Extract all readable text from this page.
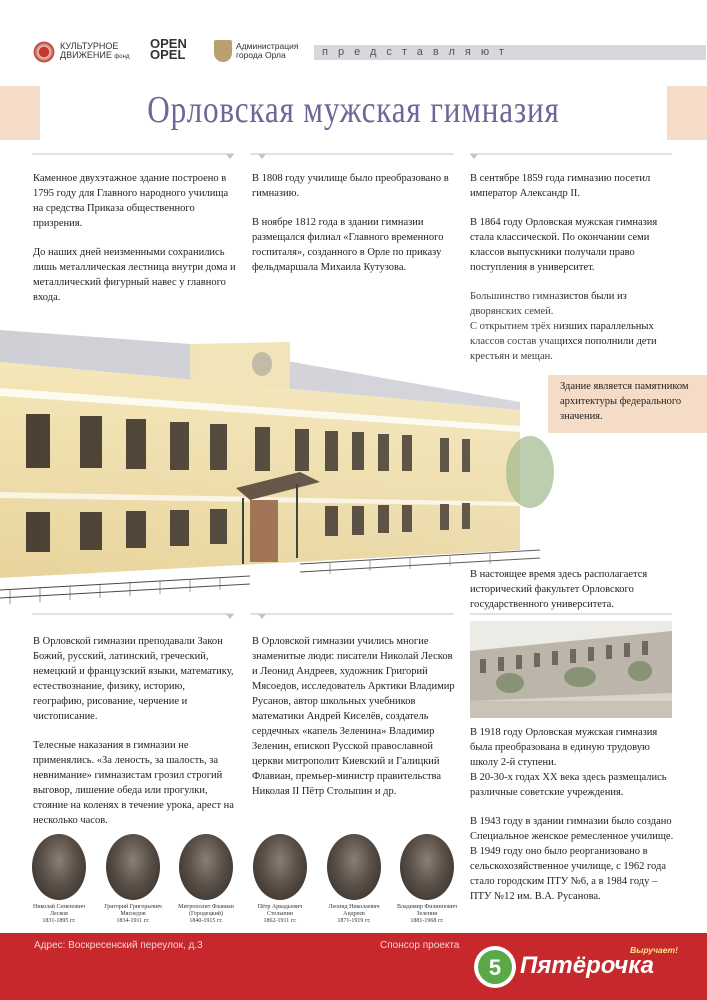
КУЛЬТУРНОЕ
ДВИЖЕНИЕ фонд
OPEN
OPEL
Администрация
города Орла	представляют
Орловская мужская гимназия

Каменное двухэтажное здание построено в 1795 году для Главного народного училища на средства Приказа общественного призрения.

До наших дней неизменными сохранились лишь металлическая лестница внутри дома и металлический фигурный навес у главного входа.

В 1808 году училище было преобразовано в гимназию.

В ноябре 1812 года в здании гимназии размещался филиал «Главного временного госпиталя», созданного в Орле по приказу фельдмаршала Михаила Кутузова.

В сентябре 1859 года гимназию посетил император Александр II.

В 1864 году Орловская мужская гимназия стала классической. По окончании семи классов выпускники получали право поступления в университет.

Большинство гимназистов были из дворянских семей.

С открытием трёх низших параллельных классов состав учащихся пополнили дети крестьян и мещан.

Здание является памятником архитектуры федерального значения.
В настоящее время здесь располагается исторический факультет Орловского государственного университета.

В Орловской гимназии преподавали Закон Божий, русский, латинский, греческий, немецкий и французский языки, математику, естествознание, физику, историю, географию, рисование, черчение и чистописание.

Телесные наказания в гимназии не применялись. «За леность, за шалость, за невнимание» гимназистам грозил строгий выговор, лишение обеда или прогулки, стояние на коленях в течение урока, арест на несколько часов.

В Орловской гимназии учились многие знаменитые люди: писатели Николай Лесков и Леонид Андреев, художник Григорий Мясоедов, исследователь Арктики Владимир Русанов, автор школьных учебников математики Андрей Киселёв, создатель сердечных «капель Зеленина» Владимир Зеленин, епископ Русской православной церкви митрополит Киевский и Галицкий Флавиан, премьер-министр правительства Николая II Пётр Столыпин и др.

В 1918 году Орловская мужская гимназия была преобразована в единую трудовую школу 2-й ступени.

В 20-30-х годах XX века здесь размещались различные советские учреждения.

В 1943 году в здании гимназии было создано Специальное женское ремесленное училище. В 1949 году оно было реорганизовано в сельскохозяйственное училище, с 1962 года стало городским ПТУ №6, а в 1984 году – ПТУ №12 им. В.А. Русанова.

Николай Семенович
Лесков
1831-1895 гг.
Григорий Григорьевич
Мясоедов
1834-1911 гг.
Митрополит Флавиан
(Городецкий)
1840-1915 гг.
Пётр Аркадьевич
Столыпин
1862-1911 гг.
Леонид Николаевич
Андреев
1871-1919 гг.
Владимир Филиппович
Зеленин
1881-1968 гг.
Адрес: Воскресенский переулок, д.3	Спонсор проекта
5 Пятёрочка
Выручает!
